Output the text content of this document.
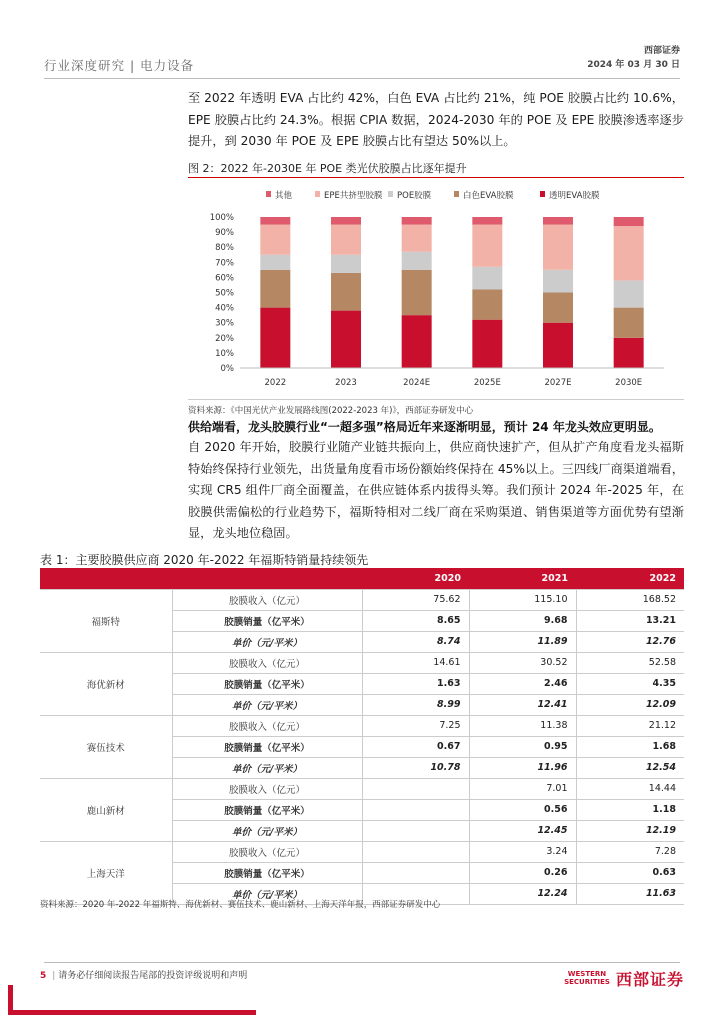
行业深度研究 | 电力设备
西部证券
2024 年 03 月 30 日
至 2022 年透明 EVA 占比约 42%，白色 EVA 占比约 21%，纯 POE 胶膜占比约 10.6%，EPE 胶膜占比约 24.3%。根据 CPIA 数据，2024-2030 年的 POE 及 EPE 胶膜渗透率逐步提升，到 2030 年 POE 及 EPE 胶膜占比有望达 50%以上。
图 2：2022 年-2030E 年 POE 类光伏胶膜占比逐年提升
其他	EPE共挤型胶膜 POE胶膜	白色EVA胶膜	透明EVA胶膜
0%
10%
20%
30%
40%
50%
60%
70%
80%
90%
100%
2022	2023	2024E	2025E	2027E	2030E
资料来源：《中国光伏产业发展路线图(2022-2023 年)》，西部证券研发中心
供给端看，龙头胶膜行业“一超多强”格局近年来逐渐明显，预计 24 年龙头效应更明显。
自 2020 年开始，胶膜行业随产业链共振向上，供应商快速扩产，但从扩产角度看龙头福斯特始终保持行业领先，出货量角度看市场份额始终保持在 45%以上。三四线厂商渠道端看，实现 CR5 组件厂商全面覆盖，在供应链体系内拔得头筹。我们预计 2024 年-2025 年，在胶膜供需偏松的行业趋势下，福斯特相对二线厂商在采购渠道、销售渠道等方面优势有望渐显，龙头地位稳固。
表 1：主要胶膜供应商 2020 年-2022 年福斯特销量持续领先
		2020	2021	2022
福斯特	胶膜收入（亿元）	75.62	115.10	168.52
	胶膜销量（亿平米）	8.65	9.68	13.21
	单价（元/平米）	8.74	11.89	12.76
海优新材	胶膜收入（亿元）	14.61	30.52	52.58
	胶膜销量（亿平米）	1.63	2.46	4.35
	单价（元/平米）	8.99	12.41	12.09
赛伍技术	胶膜收入（亿元）	7.25	11.38	21.12
	胶膜销量（亿平米）	0.67	0.95	1.68
	单价（元/平米）	10.78	11.96	12.54
鹿山新材	胶膜收入（亿元）		7.01	14.44
	胶膜销量（亿平米）		0.56	1.18
	单价（元/平米）		12.45	12.19
上海天洋	胶膜收入（亿元）		3.24	7.28
	胶膜销量（亿平米）		0.26	0.63
	单价（元/平米）		12.24	11.63
资料来源：2020 年-2022 年福斯特、海优新材、赛伍技术、鹿山新材、上海天洋年报，西部证券研发中心
5 | 请务必仔细阅读报告尾部的投资评级说明和声明	WESTERN SECURITIES 西部证券
